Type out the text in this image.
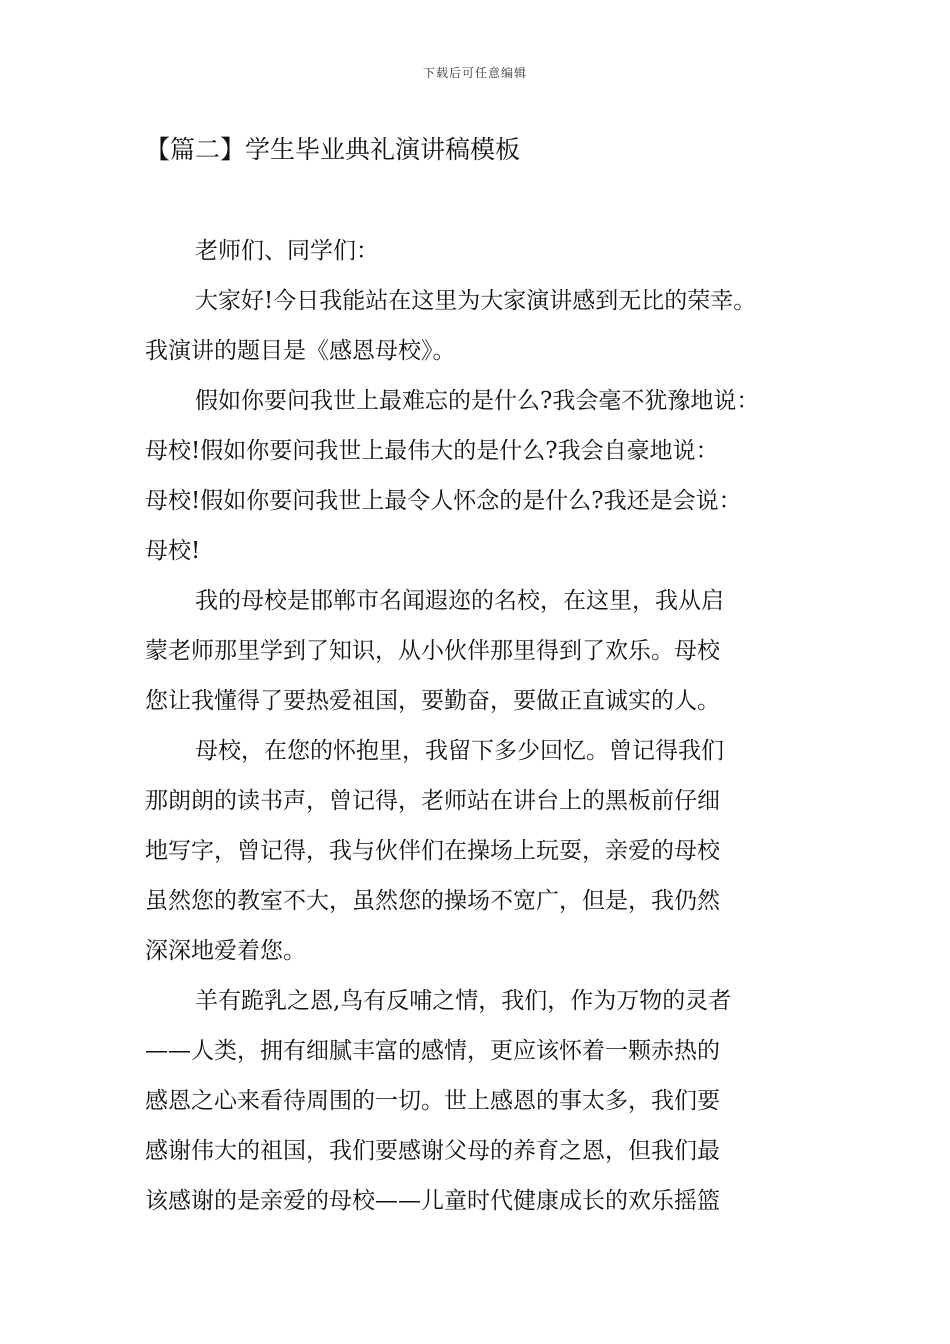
下载后可任意编辑
【篇二】学生毕业典礼演讲稿模板
老师们、同学们：
大家好!今日我能站在这里为大家演讲感到无比的荣幸。
我演讲的题目是《感恩母校》。
假如你要问我世上最难忘的是什么?我会毫不犹豫地说：
母校!假如你要问我世上最伟大的是什么?我会自豪地说：
母校!假如你要问我世上最令人怀念的是什么?我还是会说：
母校!
我的母校是邯郸市名闻遐迩的名校，在这里，我从启
蒙老师那里学到了知识，从小伙伴那里得到了欢乐。母校
您让我懂得了要热爱祖国，要勤奋，要做正直诚实的人。
母校，在您的怀抱里，我留下多少回忆。曾记得我们
那朗朗的读书声，曾记得，老师站在讲台上的黑板前仔细
地写字，曾记得，我与伙伴们在操场上玩耍，亲爱的母校
虽然您的教室不大，虽然您的操场不宽广，但是，我仍然
深深地爱着您。
羊有跪乳之恩,鸟有反哺之情，我们，作为万物的灵者
——人类，拥有细腻丰富的感情，更应该怀着一颗赤热的
感恩之心来看待周围的一切。世上感恩的事太多，我们要
感谢伟大的祖国，我们要感谢父母的养育之恩，但我们最
该感谢的是亲爱的母校——儿童时代健康成长的欢乐摇篮
